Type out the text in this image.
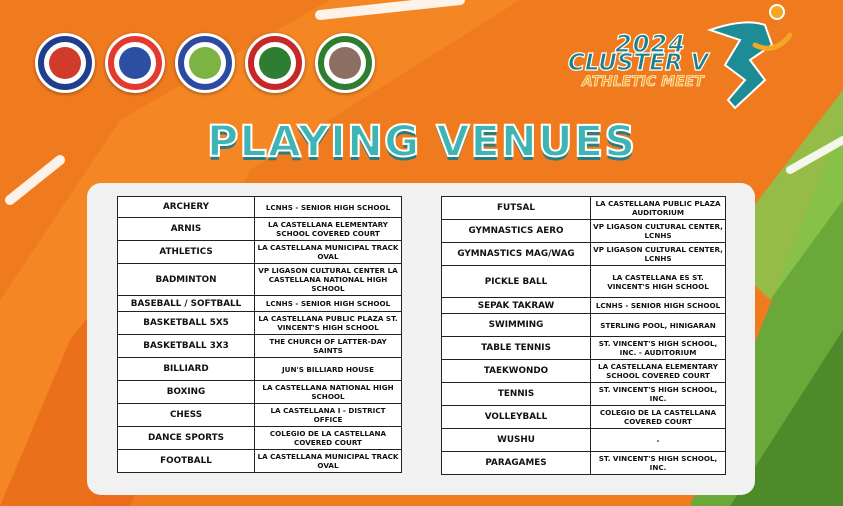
2024
CLUSTER V
ATHLETIC MEET
PLAYING VENUES
ARCHERY	LCNHS - SENIOR HIGH SCHOOL
ARNIS	LA CASTELLANA ELEMENTARY SCHOOL COVERED COURT
ATHLETICS	LA CASTELLANA MUNICIPAL TRACK OVAL
BADMINTON	VP LIGASON CULTURAL CENTER LA CASTELLANA NATIONAL HIGH SCHOOL
BASEBALL / SOFTBALL	LCNHS - SENIOR HIGH SCHOOL
BASKETBALL 5X5	LA CASTELLANA PUBLIC PLAZA ST. VINCENT'S HIGH SCHOOL
BASKETBALL 3X3	THE CHURCH OF LATTER-DAY SAINTS
BILLIARD	JUN'S BILLIARD HOUSE
BOXING	LA CASTELLANA NATIONAL HIGH SCHOOL
CHESS	LA CASTELLANA I - DISTRICT OFFICE
DANCE SPORTS	COLEGIO DE LA CASTELLANA COVERED COURT
FOOTBALL	LA CASTELLANA MUNICIPAL TRACK OVAL
FUTSAL	LA CASTELLANA PUBLIC PLAZA AUDITORIUM
GYMNASTICS AERO	VP LIGASON CULTURAL CENTER, LCNHS
GYMNASTICS MAG/WAG	VP LIGASON CULTURAL CENTER, LCNHS
PICKLE BALL	LA CASTELLANA ES ST. VINCENT'S HIGH SCHOOL
SEPAK TAKRAW	LCNHS - SENIOR HIGH SCHOOL
SWIMMING	STERLING POOL, HINIGARAN
TABLE TENNIS	ST. VINCENT'S HIGH SCHOOL, INC. - AUDITORIUM
TAEKWONDO	LA CASTELLANA ELEMENTARY SCHOOL COVERED COURT
TENNIS	ST. VINCENT'S HIGH SCHOOL, INC.
VOLLEYBALL	COLEGIO DE LA CASTELLANA COVERED COURT
WUSHU	-
PARAGAMES	ST. VINCENT'S HIGH SCHOOL, INC.
